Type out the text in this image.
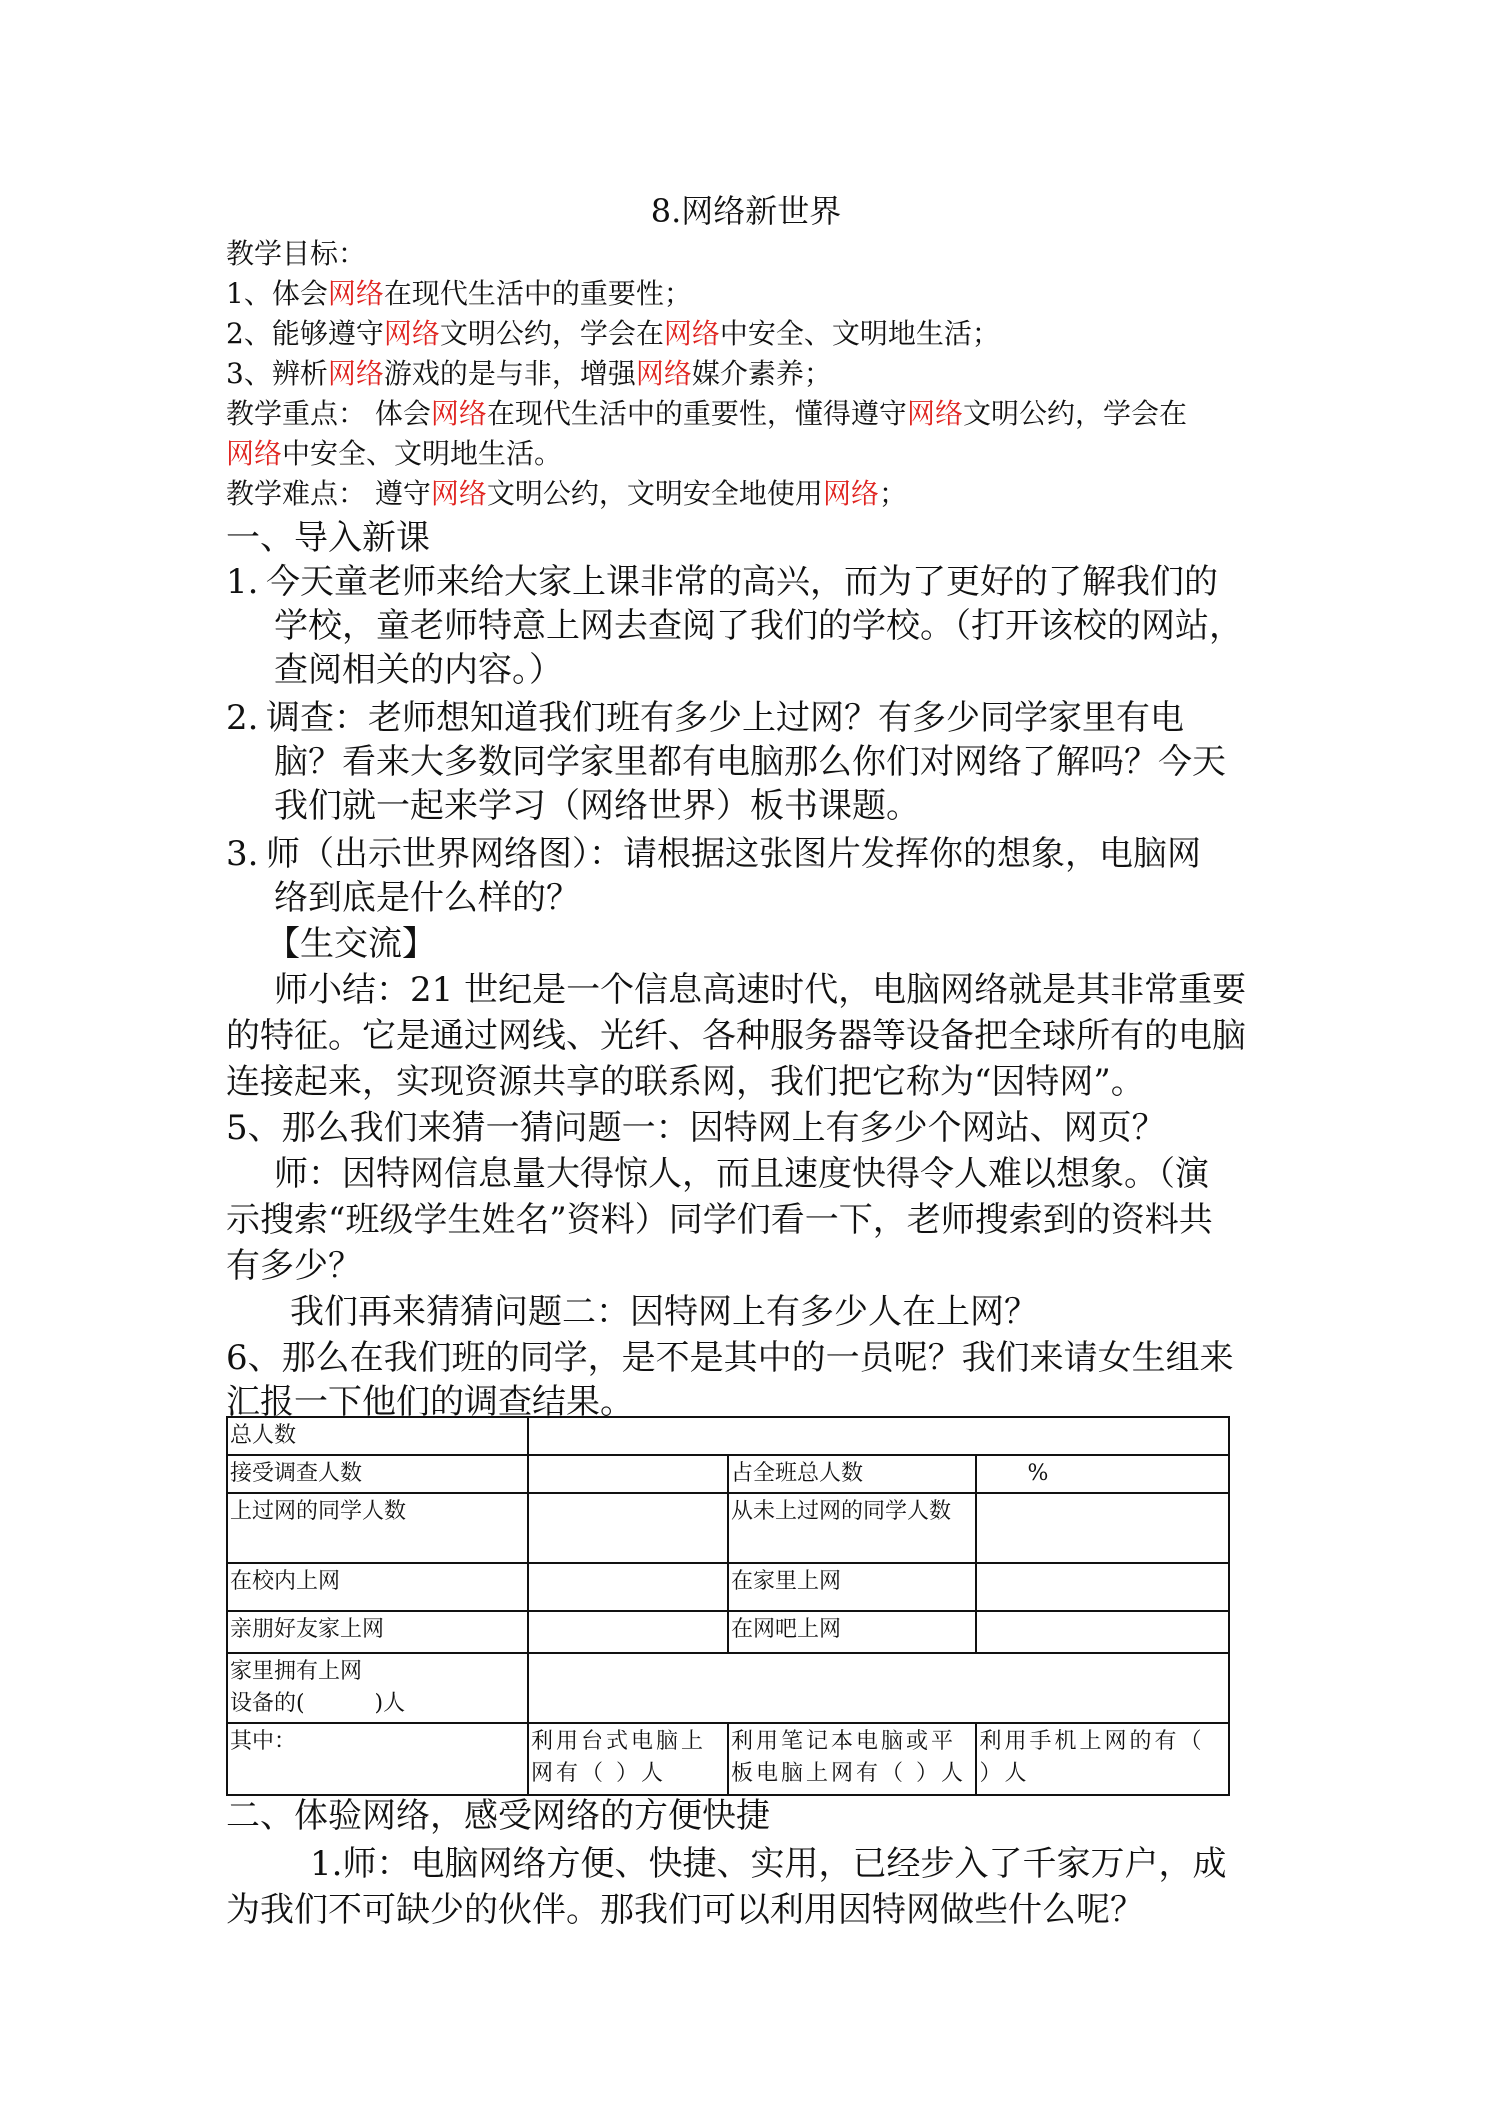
8.网络新世界
教学目标：
1、体会网络在现代生活中的重要性；
2、能够遵守网络文明公约，学会在网络中安全、文明地生活；
3、辨析网络游戏的是与非，增强网络媒介素养；
教学重点： 体会网络在现代生活中的重要性，懂得遵守网络文明公约，学会在
网络中安全、文明地生活。
教学难点： 遵守网络文明公约，文明安全地使用网络；
一、导入新课
1. 今天童老师来给大家上课非常的高兴，而为了更好的了解我们的
学校，童老师特意上网去查阅了我们的学校。（打开该校的网站，
查阅相关的内容。）
2. 调查：老师想知道我们班有多少上过网？有多少同学家里有电
脑？看来大多数同学家里都有电脑那么你们对网络了解吗？今天
我们就一起来学习（网络世界）板书课题。
3. 师（出示世界网络图）：请根据这张图片发挥你的想象，电脑网
络到底是什么样的？
【生交流】
师小结：21 世纪是一个信息高速时代，电脑网络就是其非常重要
的特征。它是通过网线、光纤、各种服务器等设备把全球所有的电脑
连接起来，实现资源共享的联系网，我们把它称为“因特网”。
5、那么我们来猜一猜问题一：因特网上有多少个网站、网页？
师：因特网信息量大得惊人，而且速度快得令人难以想象。（演
示搜索“班级学生姓名”资料）同学们看一下，老师搜索到的资料共
有多少？
我们再来猜猜问题二：因特网上有多少人在上网？
6、那么在我们班的同学，是不是其中的一员呢？我们来请女生组来
汇报一下他们的调查结果。
总人数			
接受调查人数		占全班总人数	%
上过网的同学人数		从未上过网的同学人数	
在校内上网		在家里上网	
亲朋好友家上网		在网吧上网	

家里拥有上网
设备的(          )人			

其中：	利用台式电脑上网有（ ）人	利用笔记本电脑或平板电脑上网有（ ）人	利用手机上网的有（ ）人
二、体验网络，感受网络的方便快捷
1.师：电脑网络方便、快捷、实用，已经步入了千家万户，成
为我们不可缺少的伙伴。那我们可以利用因特网做些什么呢？
